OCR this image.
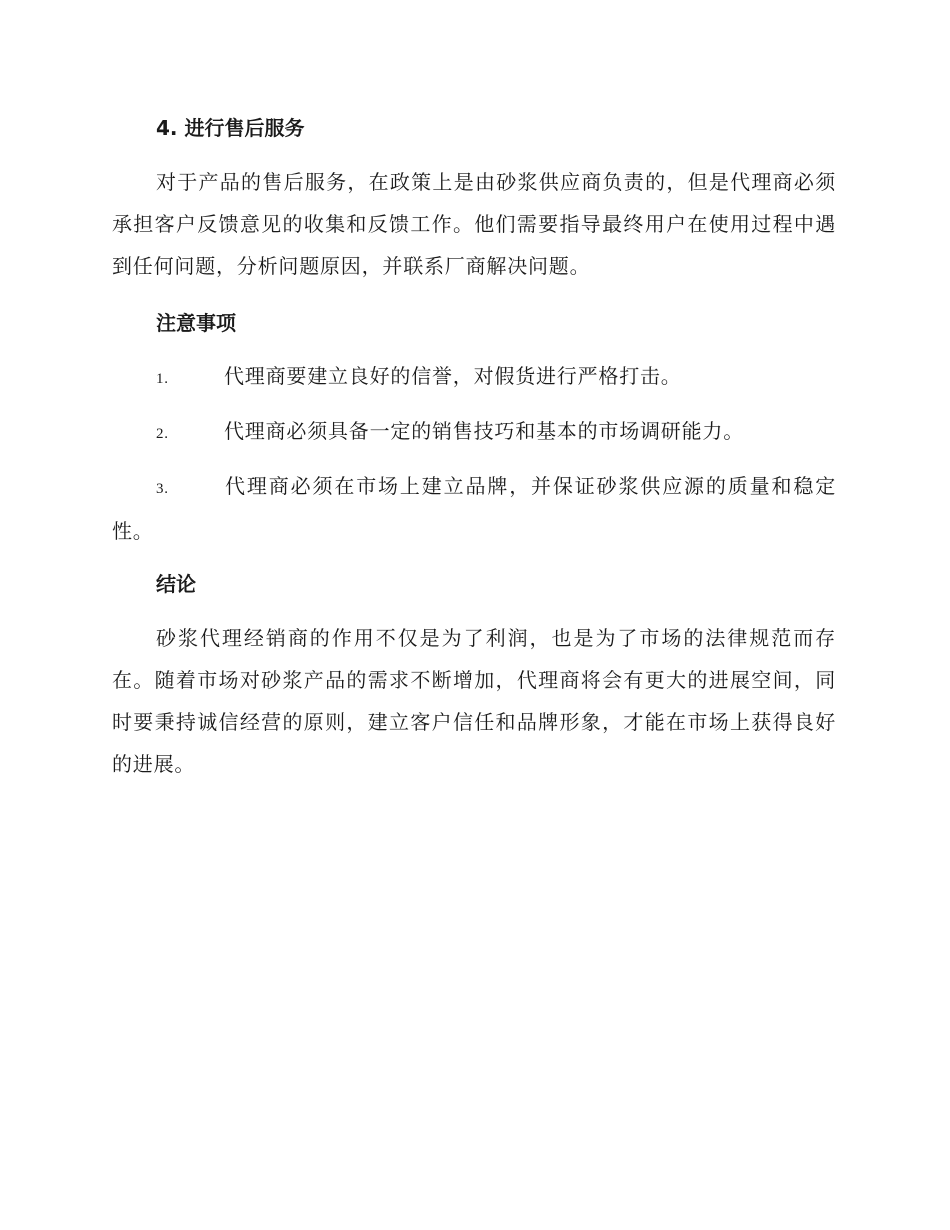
4. 进行售后服务

对于产品的售后服务，在政策上是由砂浆供应商负责的，但是代理商必须承担客户反馈意见的收集和反馈工作。他们需要指导最终用户在使用过程中遇到任何问题，分析问题原因，并联系厂商解决问题。

注意事项

1.	代理商要建立良好的信誉，对假货进行严格打击。

2.	代理商必须具备一定的销售技巧和基本的市场调研能力。

3.	代理商必须在市场上建立品牌，并保证砂浆供应源的质量和稳定性。

结论

砂浆代理经销商的作用不仅是为了利润，也是为了市场的法律规范而存在。随着市场对砂浆产品的需求不断增加，代理商将会有更大的进展空间，同时要秉持诚信经营的原则，建立客户信任和品牌形象，才能在市场上获得良好的进展。
